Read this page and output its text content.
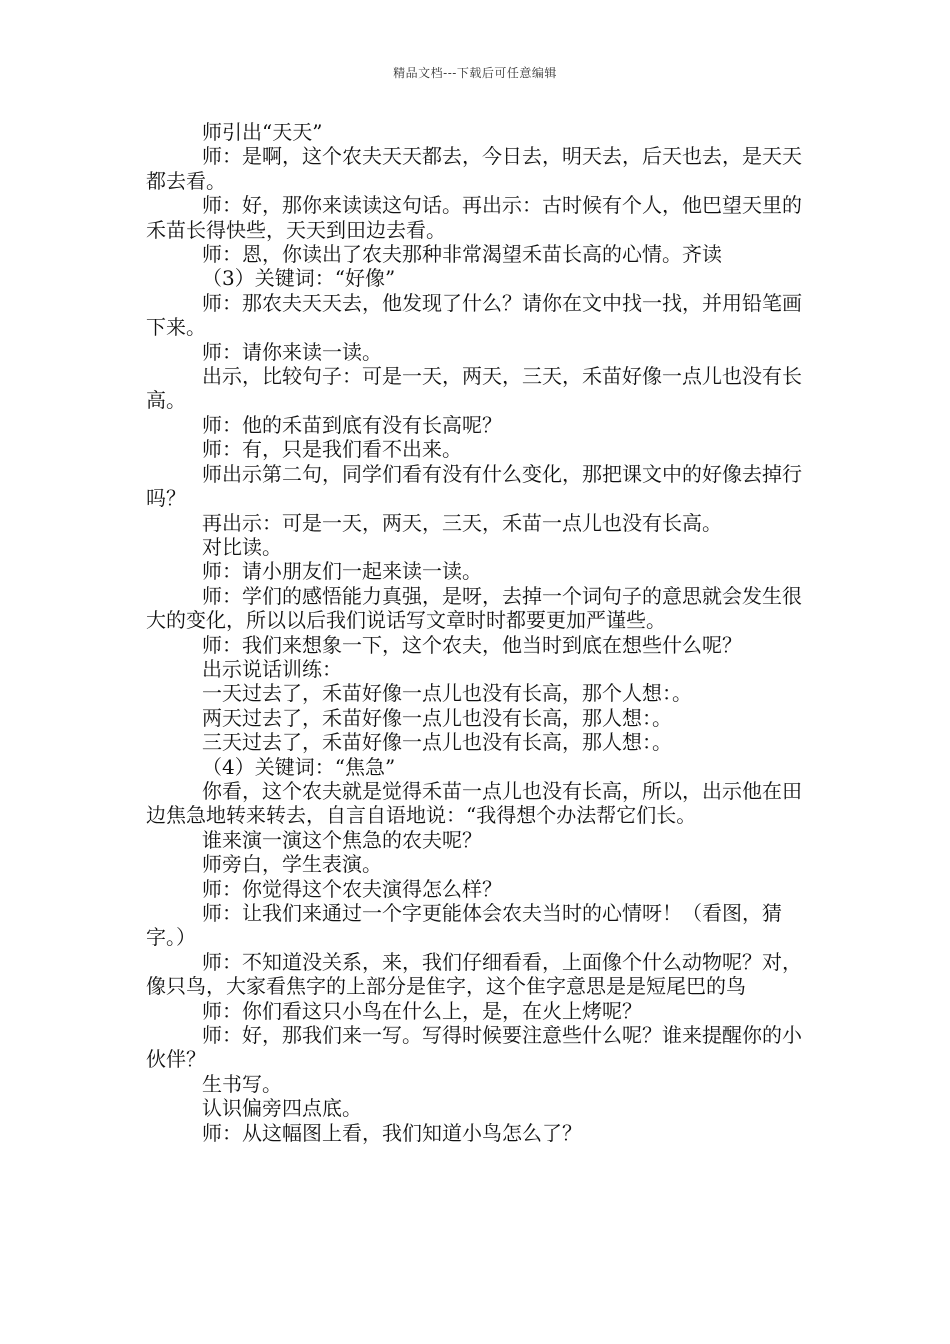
精品文档---下载后可任意编辑

师引出“天天”

师：是啊，这个农夫天天都去，今日去，明天去，后天也去，是天天都去看。

师：好，那你来读读这句话。再出示：古时候有个人，他巴望天里的禾苗长得快些，天天到田边去看。

师：恩，你读出了农夫那种非常渴望禾苗长高的心情。齐读

（3）关键词：“好像”

师：那农夫天天去，他发现了什么？请你在文中找一找，并用铅笔画下来。

师：请你来读一读。

出示，比较句子：可是一天，两天，三天，禾苗好像一点儿也没有长高。

师：他的禾苗到底有没有长高呢？

师：有，只是我们看不出来。

师出示第二句，同学们看有没有什么变化，那把课文中的好像去掉行吗？

再出示：可是一天，两天，三天，禾苗一点儿也没有长高。

对比读。

师：请小朋友们一起来读一读。

师：学们的感悟能力真强，是呀，去掉一个词句子的意思就会发生很大的变化，所以以后我们说话写文章时时都要更加严谨些。

师：我们来想象一下，这个农夫，他当时到底在想些什么呢？

出示说话训练：

一天过去了，禾苗好像一点儿也没有长高，那个人想：。

两天过去了，禾苗好像一点儿也没有长高，那人想：。

三天过去了，禾苗好像一点儿也没有长高，那人想：。

（4）关键词：“焦急”

你看，这个农夫就是觉得禾苗一点儿也没有长高，所以，出示他在田边焦急地转来转去，自言自语地说：“我得想个办法帮它们长。

谁来演一演这个焦急的农夫呢？

师旁白，学生表演。

师：你觉得这个农夫演得怎么样？

师：让我们来通过一个字更能体会农夫当时的心情呀！（看图，猜字。）

师：不知道没关系，来，我们仔细看看，上面像个什么动物呢？对，像只鸟，大家看焦字的上部分是隹字，这个隹字意思是是短尾巴的鸟

师：你们看这只小鸟在什么上，是，在火上烤呢？

师：好，那我们来一写。写得时候要注意些什么呢？谁来提醒你的小伙伴？

生书写。

认识偏旁四点底。

师：从这幅图上看，我们知道小鸟怎么了？
